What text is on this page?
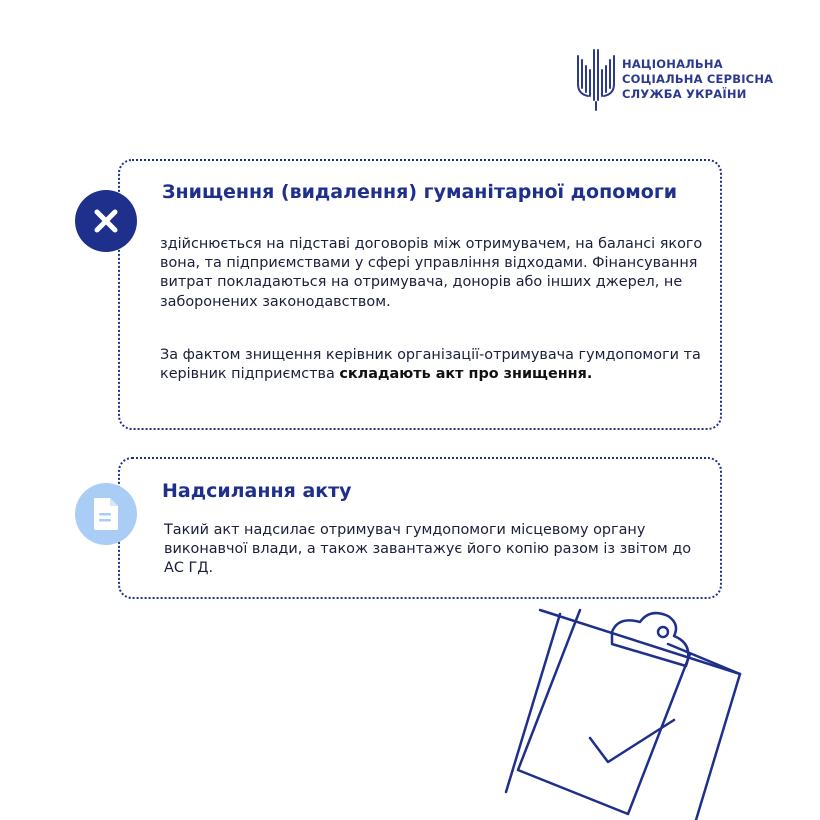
НАЦІОНАЛЬНА
СОЦІАЛЬНА СЕРВІСНА
СЛУЖБА УКРАЇНИ
Знищення (видалення) гуманітарної допомоги

здійснюється на підставі договорів між отримувачем, на балансі якого вона, та підприємствами у сфері управління відходами. Фінансування витрат покладаються на отримувача, донорів або інших джерел, не заборонених законодавством.

За фактом знищення керівник організації-отримувача гумдопомоги та керівник підприємства складають акт про знищення.

Надсилання акту

Такий акт надсилає отримувач гумдопомоги місцевому органу виконавчої влади, а також завантажує його копію разом із звітом до АС ГД.
